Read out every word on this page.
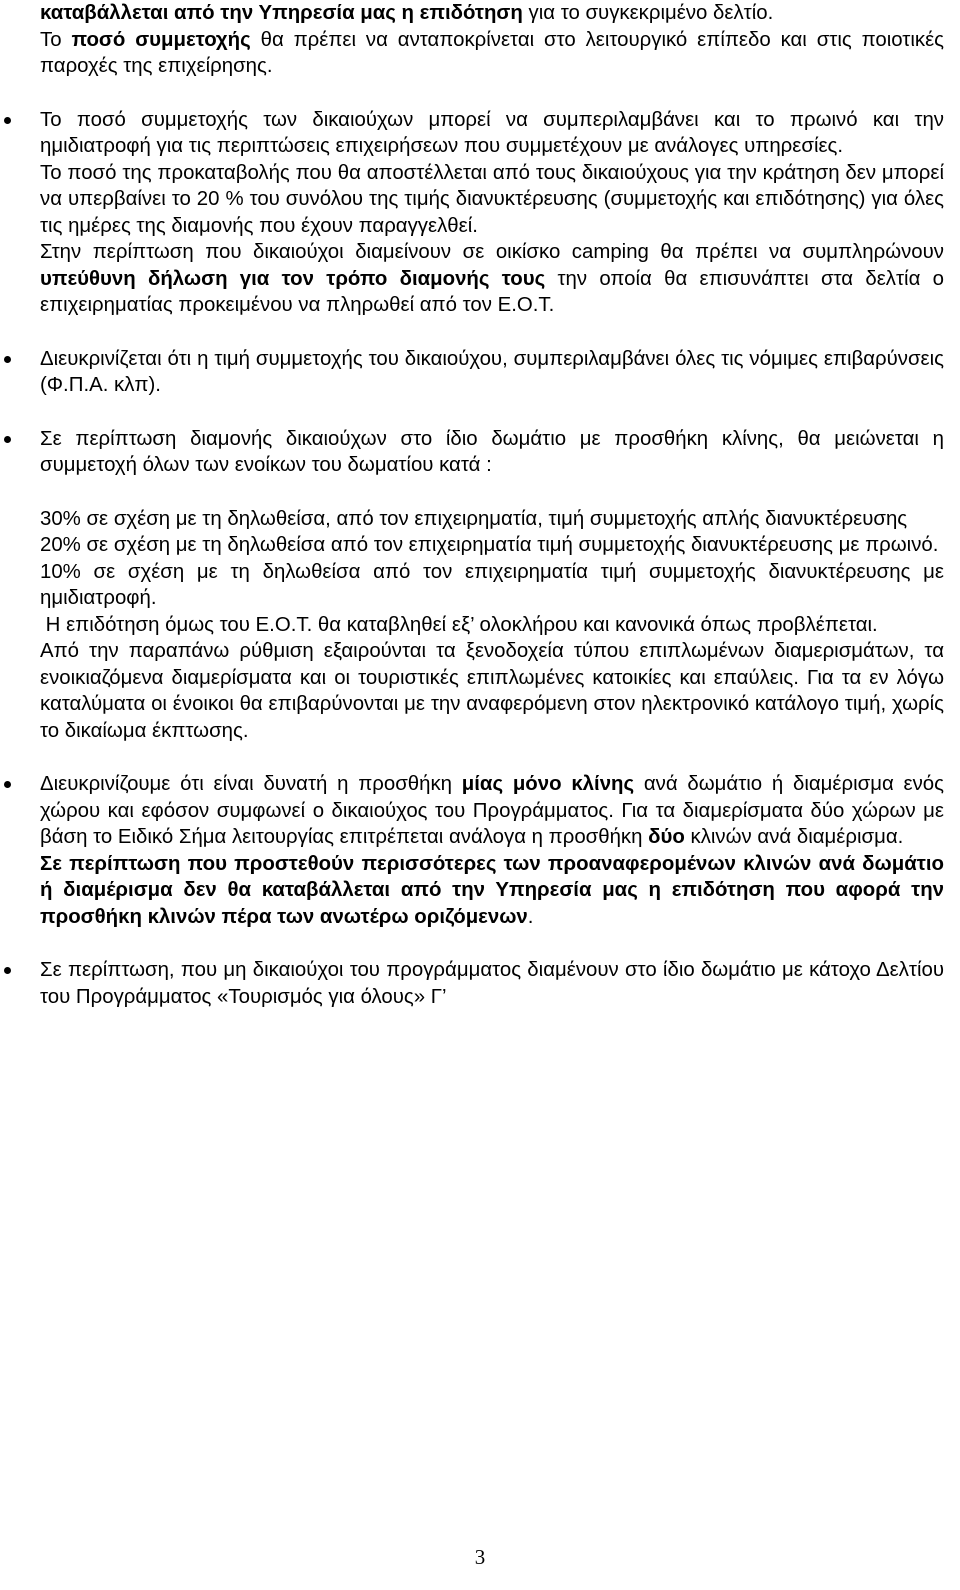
καταβάλλεται από την Υπηρεσία μας η επιδότηση για το συγκεκριμένο δελτίο.

Το ποσό συμμετοχής θα πρέπει να ανταποκρίνεται στο λειτουργικό επίπεδο και στις ποιοτικές παροχές της επιχείρησης.

Το ποσό συμμετοχής των δικαιούχων μπορεί να συμπεριλαμβάνει και το πρωινό και την ημιδιατροφή για τις περιπτώσεις επιχειρήσεων που συμμετέχουν με ανάλογες υπηρεσίες.

Το ποσό της προκαταβολής που θα αποστέλλεται από τους δικαιούχους για την κράτηση δεν μπορεί να υπερβαίνει το 20 % του συνόλου της τιμής διανυκτέρευσης (συμμετοχής και επιδότησης) για όλες τις ημέρες της διαμονής που έχουν παραγγελθεί.

Στην περίπτωση που δικαιούχοι διαμείνουν σε οικίσκο camping θα πρέπει να συμπληρώνουν υπεύθυνη δήλωση για τον τρόπο διαμονής τους την οποία θα επισυνάπτει στα δελτία ο επιχειρηματίας προκειμένου να πληρωθεί από τον Ε.Ο.Τ.

Διευκρινίζεται ότι η τιμή συμμετοχής του δικαιούχου, συμπεριλαμβάνει όλες τις νόμιμες επιβαρύνσεις (Φ.Π.Α. κλπ).

Σε περίπτωση διαμονής δικαιούχων στο ίδιο δωμάτιο με προσθήκη κλίνης, θα μειώνεται η συμμετοχή όλων των ενοίκων του δωματίου κατά :

30% σε σχέση με τη δηλωθείσα, από τον επιχειρηματία, τιμή συμμετοχής απλής διανυκτέρευσης

20% σε σχέση με τη δηλωθείσα από τον επιχειρηματία τιμή συμμετοχής διανυκτέρευσης με πρωινό.

10% σε σχέση με τη δηλωθείσα από τον επιχειρηματία τιμή συμμετοχής διανυκτέρευσης με ημιδιατροφή.

Η επιδότηση όμως του Ε.Ο.Τ. θα καταβληθεί εξ’ ολοκλήρου και κανονικά όπως προβλέπεται.

Από την παραπάνω ρύθμιση εξαιρούνται τα ξενοδοχεία τύπου επιπλωμένων διαμερισμάτων, τα ενοικιαζόμενα διαμερίσματα και οι τουριστικές επιπλωμένες κατοικίες και επαύλεις. Για τα εν λόγω καταλύματα οι ένοικοι θα επιβαρύνονται με την αναφερόμενη στον ηλεκτρονικό κατάλογο τιμή, χωρίς το δικαίωμα έκπτωσης.

Διευκρινίζουμε ότι είναι δυνατή η προσθήκη μίας μόνο κλίνης ανά δωμάτιο ή διαμέρισμα ενός χώρου και εφόσον συμφωνεί ο δικαιούχος του Προγράμματος. Για τα διαμερίσματα δύο χώρων με βάση το Ειδικό Σήμα λειτουργίας επιτρέπεται ανάλογα η προσθήκη δύο κλινών ανά διαμέρισμα.

Σε περίπτωση που προστεθούν περισσότερες των προαναφερομένων κλινών ανά δωμάτιο ή διαμέρισμα δεν θα καταβάλλεται από την Υπηρεσία μας η επιδότηση που αφορά την προσθήκη κλινών πέρα των ανωτέρω οριζόμενων.

Σε περίπτωση, που μη δικαιούχοι του προγράμματος διαμένουν στο ίδιο δωμάτιο με κάτοχο Δελτίου του Προγράμματος «Τουρισμός για όλους» Γ’

3
